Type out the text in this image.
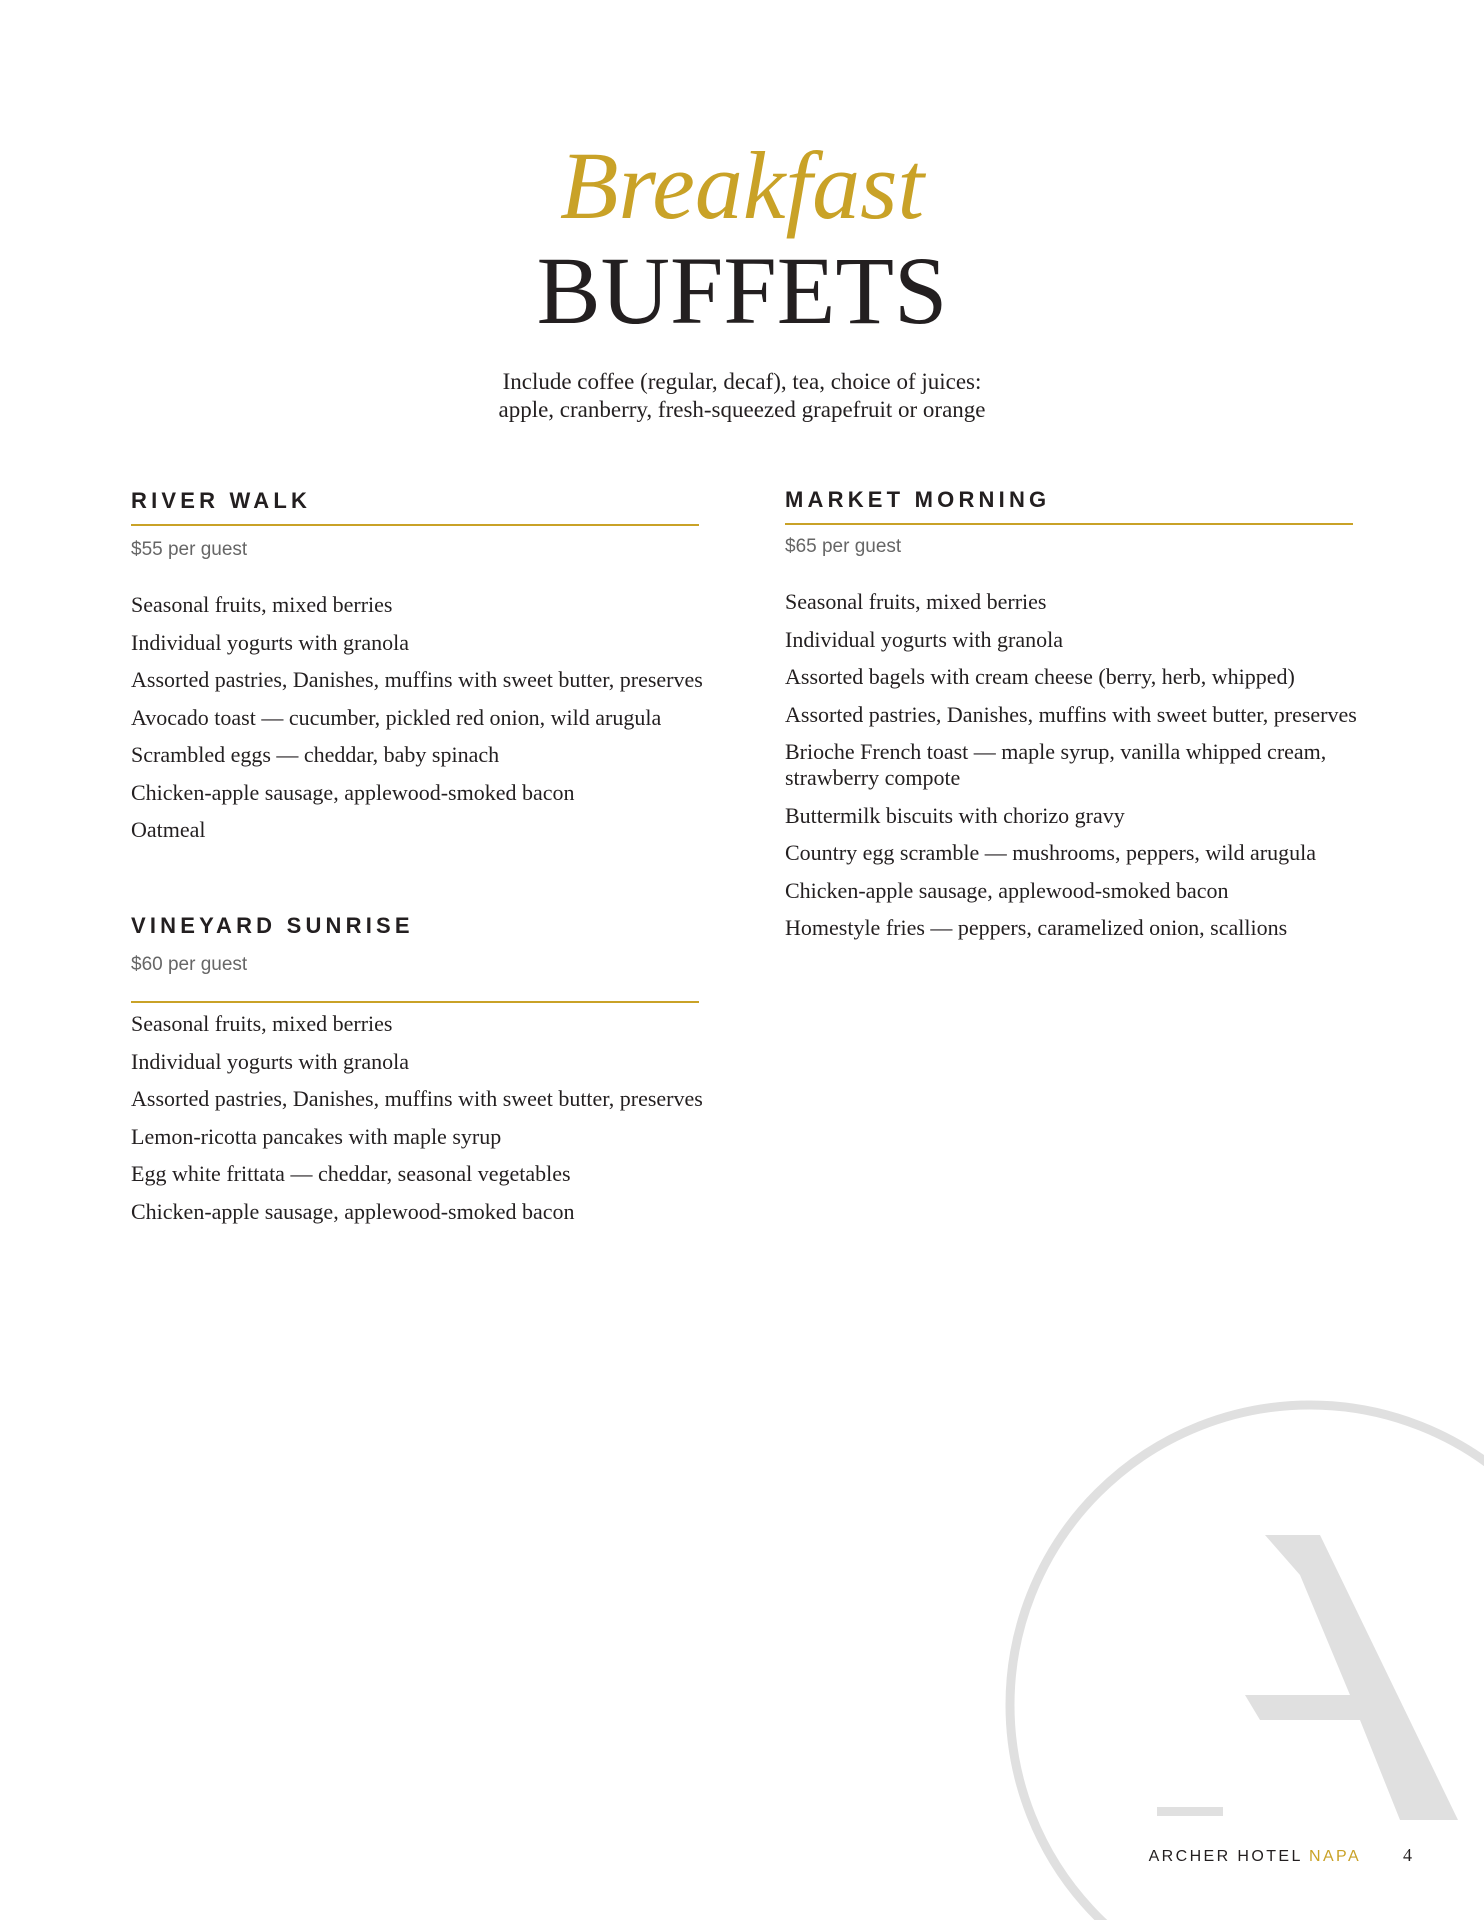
A
Breakfast
BUFFETS
Include coffee (regular, decaf), tea, choice of juices:
apple, cranberry, fresh-squeezed grapefruit or orange
RIVER WALK
$55 per guest
Seasonal fruits, mixed berries
Individual yogurts with granola
Assorted pastries, Danishes, muffins with sweet butter, preserves
Avocado toast — cucumber, pickled red onion, wild arugula
Scrambled eggs — cheddar, baby spinach
Chicken-apple sausage, applewood-smoked bacon
Oatmeal
VINEYARD SUNRISE
$60 per guest
Seasonal fruits, mixed berries
Individual yogurts with granola
Assorted pastries, Danishes, muffins with sweet butter, preserves
Lemon-ricotta pancakes with maple syrup
Egg white frittata — cheddar, seasonal vegetables
Chicken-apple sausage, applewood-smoked bacon
MARKET MORNING
$65 per guest
Seasonal fruits, mixed berries
Individual yogurts with granola
Assorted bagels with cream cheese (berry, herb, whipped)
Assorted pastries, Danishes, muffins with sweet butter, preserves
Brioche French toast — maple syrup, vanilla whipped cream, strawberry compote
Buttermilk biscuits with chorizo gravy
Country egg scramble — mushrooms, peppers, wild arugula
Chicken-apple sausage, applewood-smoked bacon
Homestyle fries — peppers, caramelized onion, scallions
ARCHER HOTEL NAPA 4
